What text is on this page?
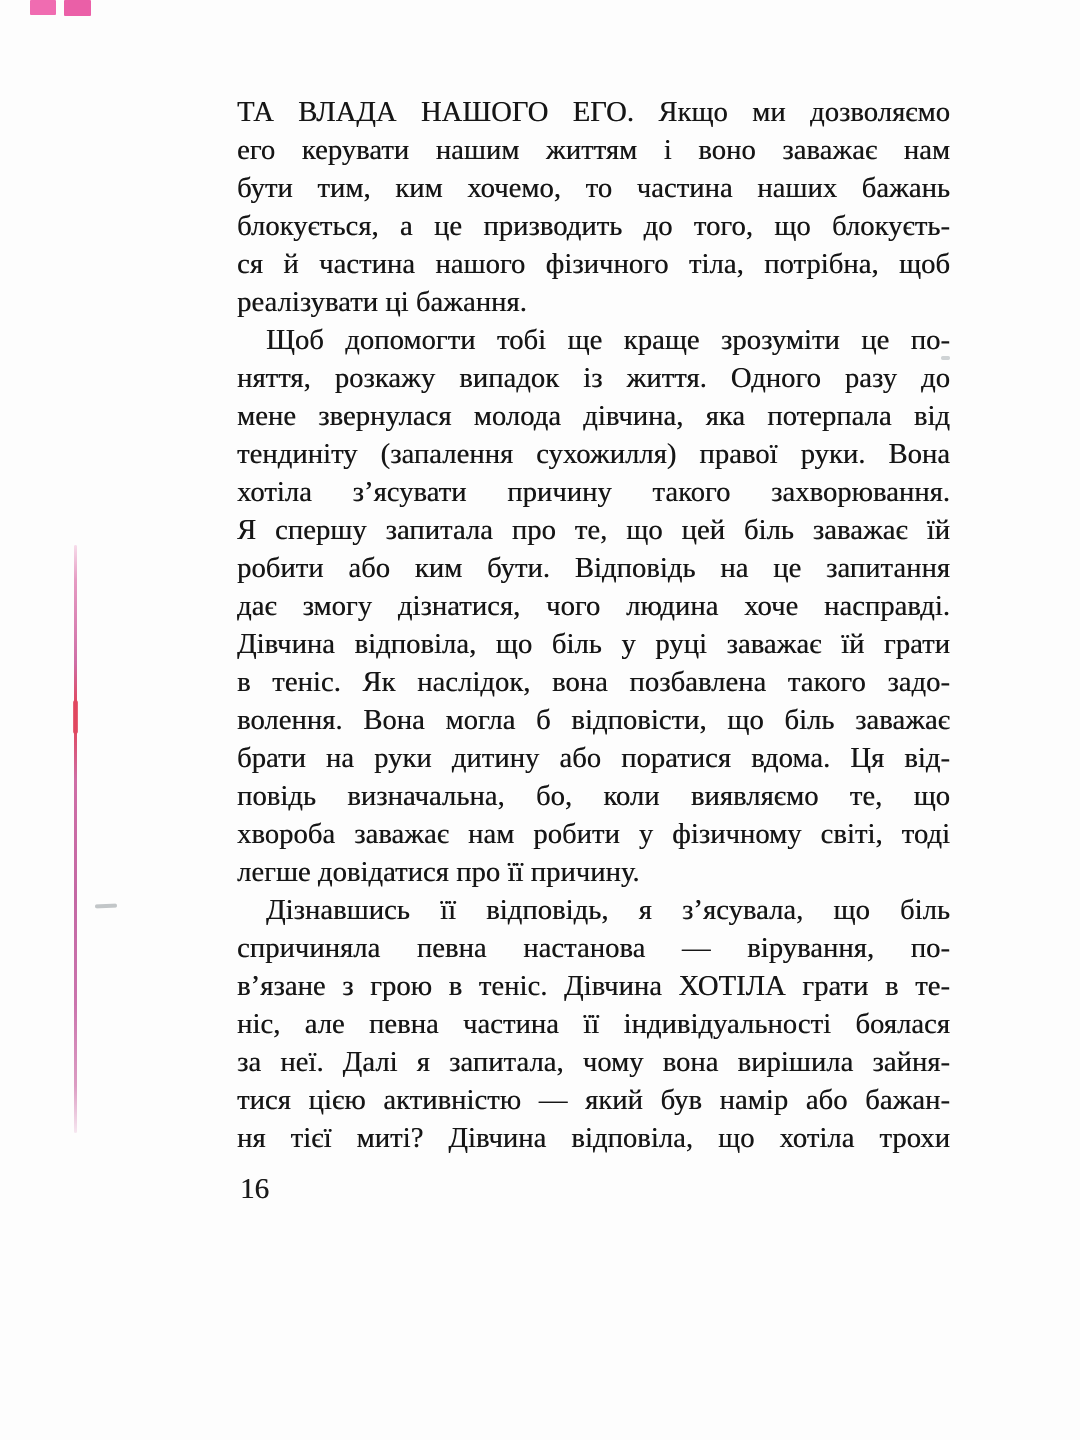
ТА ВЛАДА НАШОГО ЕГО. Якщо ми дозволяємо
его керувати нашим життям і воно заважає нам
бути тим, ким хочемо, то частина наших бажань
блокується, а це призводить до того, що блокуєть-
ся й частина нашого фізичного тіла, потрібна, щоб
реалізувати ці бажання.
Щоб допомогти тобі ще краще зрозуміти це по-
няття, розкажу випадок із життя. Одного разу до
мене звернулася молода дівчина, яка потерпала від
тендиніту (запалення сухожилля) правої руки. Вона
хотіла з’ясувати причину такого захворювання.
Я спершу запитала про те, що цей біль заважає їй
робити або ким бути. Відповідь на це запитання
дає змогу дізнатися, чого людина хоче насправді.
Дівчина відповіла, що біль у руці заважає їй грати
в теніс. Як наслідок, вона позбавлена такого задо-
волення. Вона могла б відповісти, що біль заважає
брати на руки дитину або поратися вдома. Ця від-
повідь визначальна, бо, коли виявляємо те, що
хвороба заважає нам робити у фізичному світі, тоді
легше довідатися про її причину.
Дізнавшись її відповідь, я з’ясувала, що біль
спричиняла певна настанова — вірування, по-
в’язане з грою в теніс. Дівчина ХОТІЛА грати в те-
ніс, але певна частина її індивідуальності боялася
за неї. Далі я запитала, чому вона вирішила зайня-
тися цією активністю — який був намір або бажан-
ня тієї миті? Дівчина відповіла, що хотіла трохи
16
